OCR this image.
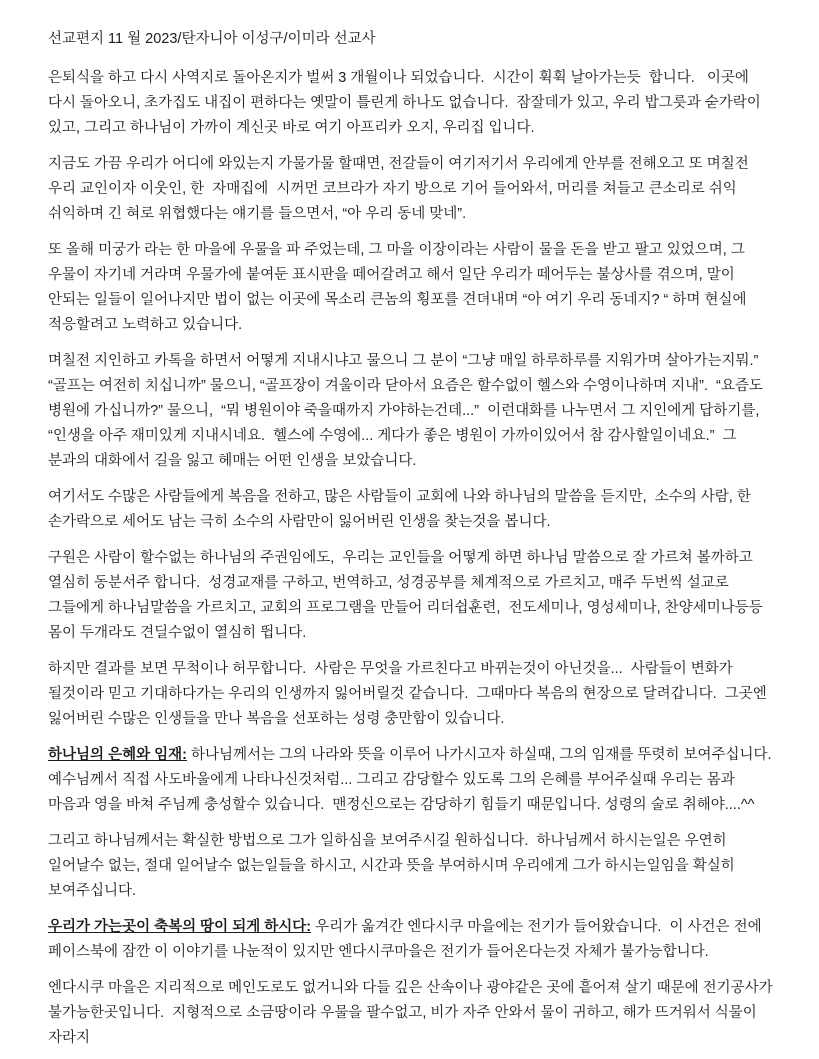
선교편지 11 월 2023/탄자니아 이성구/이미라 선교사

은퇴식을 하고 다시 사역지로 돌아온지가 벌써 3 개월이나 되었습니다.  시간이 휙휙 날아가는듯  합니다.   이곳에 다시 돌아오니, 초가집도 내집이 편하다는 옛말이 틀린게 하나도 없습니다.  잠잘데가 있고, 우리 밥그릇과 숟가락이 있고, 그리고 하나님이 가까이 계신곳 바로 여기 아프리카 오지, 우리집 입니다.

지금도 가끔 우리가 어디에 와있는지 가물가물 할때면, 전갈들이 여기저기서 우리에게 안부를 전해오고 또 며칠전 우리 교인이자 이웃인, 한  자매집에  시꺼먼 코브라가 자기 방으로 기어 들어와서, 머리를 쳐들고 큰소리로 쉬익 쉬익하며 긴 혀로 위협했다는 얘기를 들으면서, “아 우리 동네 맞네”.

또 올해 미궁가 라는 한 마을에 우물을 파 주었는데, 그 마을 이장이라는 사람이 물을 돈을 받고 팔고 있었으며, 그 우물이 자기네 거라며 우물가에 붙여둔 표시판을 떼어갈려고 해서 일단 우리가 떼어두는 불상사를 겪으며, 말이 안되는 일들이 일어나지만 법이 없는 이곳에 목소리 큰놈의 횡포를 견뎌내며 “아 여기 우리 동네지? “ 하며 현실에 적응할려고 노력하고 있습니다.

며칠전 지인하고 카톡을 하면서 어떻게 지내시냐고 물으니 그 분이 “그냥 매일 하루하루를 지워가며 살아가는지뭐.”  “골프는 여전히 치십니까” 물으니, “골프장이 겨울이라 닫아서 요즘은 할수없이 헬스와 수영이나하며 지내”.  “요즘도 병원에 가십니까?” 물으니,  “뭐 병원이야 죽을때까지 가야하는건데...”  이런대화를 나누면서 그 지인에게 답하기를, “인생을 아주 재미있게 지내시네요.  헬스에 수영에... 게다가 좋은 병원이 가까이있어서 참 감사할일이네요.”  그 분과의 대화에서 길을 잃고 헤매는 어떤 인생을 보았습니다.

여기서도 수많은 사람들에게 복음을 전하고, 많은 사람들이 교회에 나와 하나님의 말씀을 듣지만,  소수의 사람, 한 손가락으로 세어도 남는 극히 소수의 사람만이 잃어버린 인생을 찾는것을 봅니다.

구원은 사람이 할수없는 하나님의 주권임에도,  우리는 교인들을 어떻게 하면 하나님 말씀으로 잘 가르쳐 볼까하고 열심히 동분서주 합니다.  성경교재를 구하고, 번역하고, 성경공부를 체계적으로 가르치고, 매주 두번씩 설교로 그들에게 하나님말씀을 가르치고, 교회의 프로그램을 만들어 리더쉽훈련,  전도세미나, 영성세미나, 찬양세미나등등 몸이 두개라도 견딜수없이 열심히 뜁니다.

하지만 결과를 보면 무척이나 허무합니다.  사람은 무엇을 가르친다고 바뀌는것이 아닌것을...  사람들이 변화가 될것이라 믿고 기대하다가는 우리의 인생까지 잃어버릴것 같습니다.  그때마다 복음의 현장으로 달려갑니다.  그곳엔 잃어버린 수많은 인생들을 만나 복음을 선포하는 성령 충만함이 있습니다.

하나님의 은혜와 임재: 하나님께서는 그의 나라와 뜻을 이루어 나가시고자 하실때, 그의 임재를 뚜렷히 보여주십니다.  예수님께서 직접 사도바울에게 나타나신것처럼... 그리고 감당할수 있도록 그의 은혜를 부어주실때 우리는 몸과 마음과 영을 바쳐 주님께 충성할수 있습니다.  맨정신으로는 감당하기 힘들기 때문입니다. 성령의 술로 취해야....^^

그리고 하나님께서는 확실한 방법으로 그가 일하심을 보여주시길 원하십니다.  하나님께서 하시는일은 우연히 일어날수 없는, 절대 일어날수 없는일들을 하시고, 시간과 뜻을 부여하시며 우리에게 그가 하시는일임을 확실히 보여주십니다.

우리가 가는곳이 축복의 땅이 되게 하시다: 우리가 옮겨간 엔다시쿠 마을에는 전기가 들어왔습니다.  이 사건은 전에 페이스북에 잠깐 이 이야기를 나눈적이 있지만 엔다시쿠마을은 전기가 들어온다는것 자체가 불가능합니다.

엔다시쿠 마을은 지리적으로 메인도로도 없거니와 다들 깊은 산속이나 광야같은 곳에 흩어져 살기 때문에 전기공사가 불가능한곳입니다.  지형적으로 소금땅이라 우물을 팔수없고, 비가 자주 안와서 물이 귀하고, 해가 뜨거워서 식물이 자라지
